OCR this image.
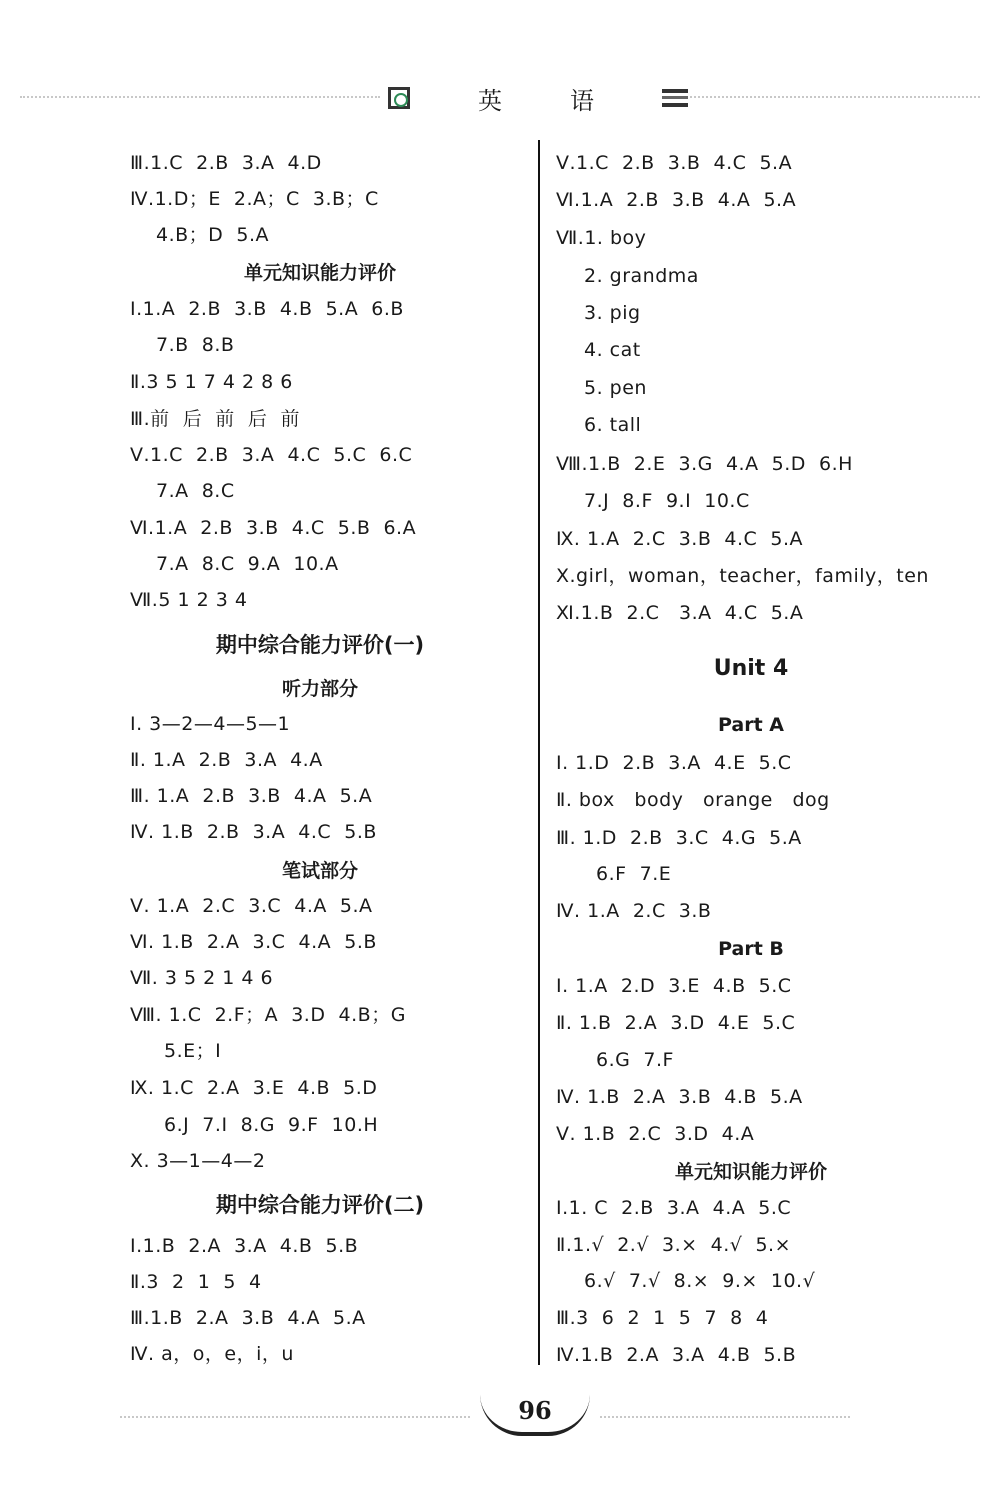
英	语
Ⅲ.1.C  2.B  3.A  4.D
Ⅳ.1.D；E  2.A；C  3.B；C
4.B；D  5.A
单元知识能力评价
Ⅰ.1.A  2.B  3.B  4.B  5.A  6.B
7.B  8.B
Ⅱ.3 5 1 7 4 2 8 6
Ⅲ.前  后  前  后  前
Ⅴ.1.C  2.B  3.A  4.C  5.C  6.C
7.A  8.C
Ⅵ.1.A  2.B  3.B  4.C  5.B  6.A
7.A  8.C  9.A  10.A
Ⅶ.5 1 2 3 4
期中综合能力评价(一)
听力部分
Ⅰ. 3—2—4—5—1
Ⅱ. 1.A  2.B  3.A  4.A
Ⅲ. 1.A  2.B  3.B  4.A  5.A
Ⅳ. 1.B  2.B  3.A  4.C  5.B
笔试部分
Ⅴ. 1.A  2.C  3.C  4.A  5.A
Ⅵ. 1.B  2.A  3.C  4.A  5.B
Ⅶ. 3 5 2 1 4 6
Ⅷ. 1.C  2.F；A  3.D  4.B；G
5.E；I
Ⅸ. 1.C  2.A  3.E  4.B  5.D
6.J  7.I  8.G  9.F  10.H
Ⅹ. 3—1—4—2
期中综合能力评价(二)
Ⅰ.1.B  2.A  3.A  4.B  5.B
Ⅱ.3  2  1  5  4
Ⅲ.1.B  2.A  3.B  4.A  5.A
Ⅳ. a，o，e，i，u
Ⅴ.1.C  2.B  3.B  4.C  5.A
Ⅵ.1.A  2.B  3.B  4.A  5.A
Ⅶ.1. boy
2. grandma
3. pig
4. cat
5. pen
6. tall
Ⅷ.1.B  2.E  3.G  4.A  5.D  6.H
7.J  8.F  9.I  10.C
Ⅸ. 1.A  2.C  3.B  4.C  5.A
Ⅹ.girl，woman，teacher，family，ten
Ⅺ.1.B  2.C   3.A  4.C  5.A
Unit 4
Part A
Ⅰ. 1.D  2.B  3.A  4.E  5.C
Ⅱ. box   body   orange   dog
Ⅲ. 1.D  2.B  3.C  4.G  5.A
6.F  7.E
Ⅳ. 1.A  2.C  3.B
Part B
Ⅰ. 1.A  2.D  3.E  4.B  5.C
Ⅱ. 1.B  2.A  3.D  4.E  5.C
6.G  7.F
Ⅳ. 1.B  2.A  3.B  4.B  5.A
Ⅴ. 1.B  2.C  3.D  4.A
单元知识能力评价
Ⅰ.1. C  2.B  3.A  4.A  5.C
Ⅱ.1.√  2.√  3.×  4.√  5.×
6.√  7.√  8.×  9.×  10.√
Ⅲ.3  6  2  1  5  7  8  4
Ⅳ.1.B  2.A  3.A  4.B  5.B
96
